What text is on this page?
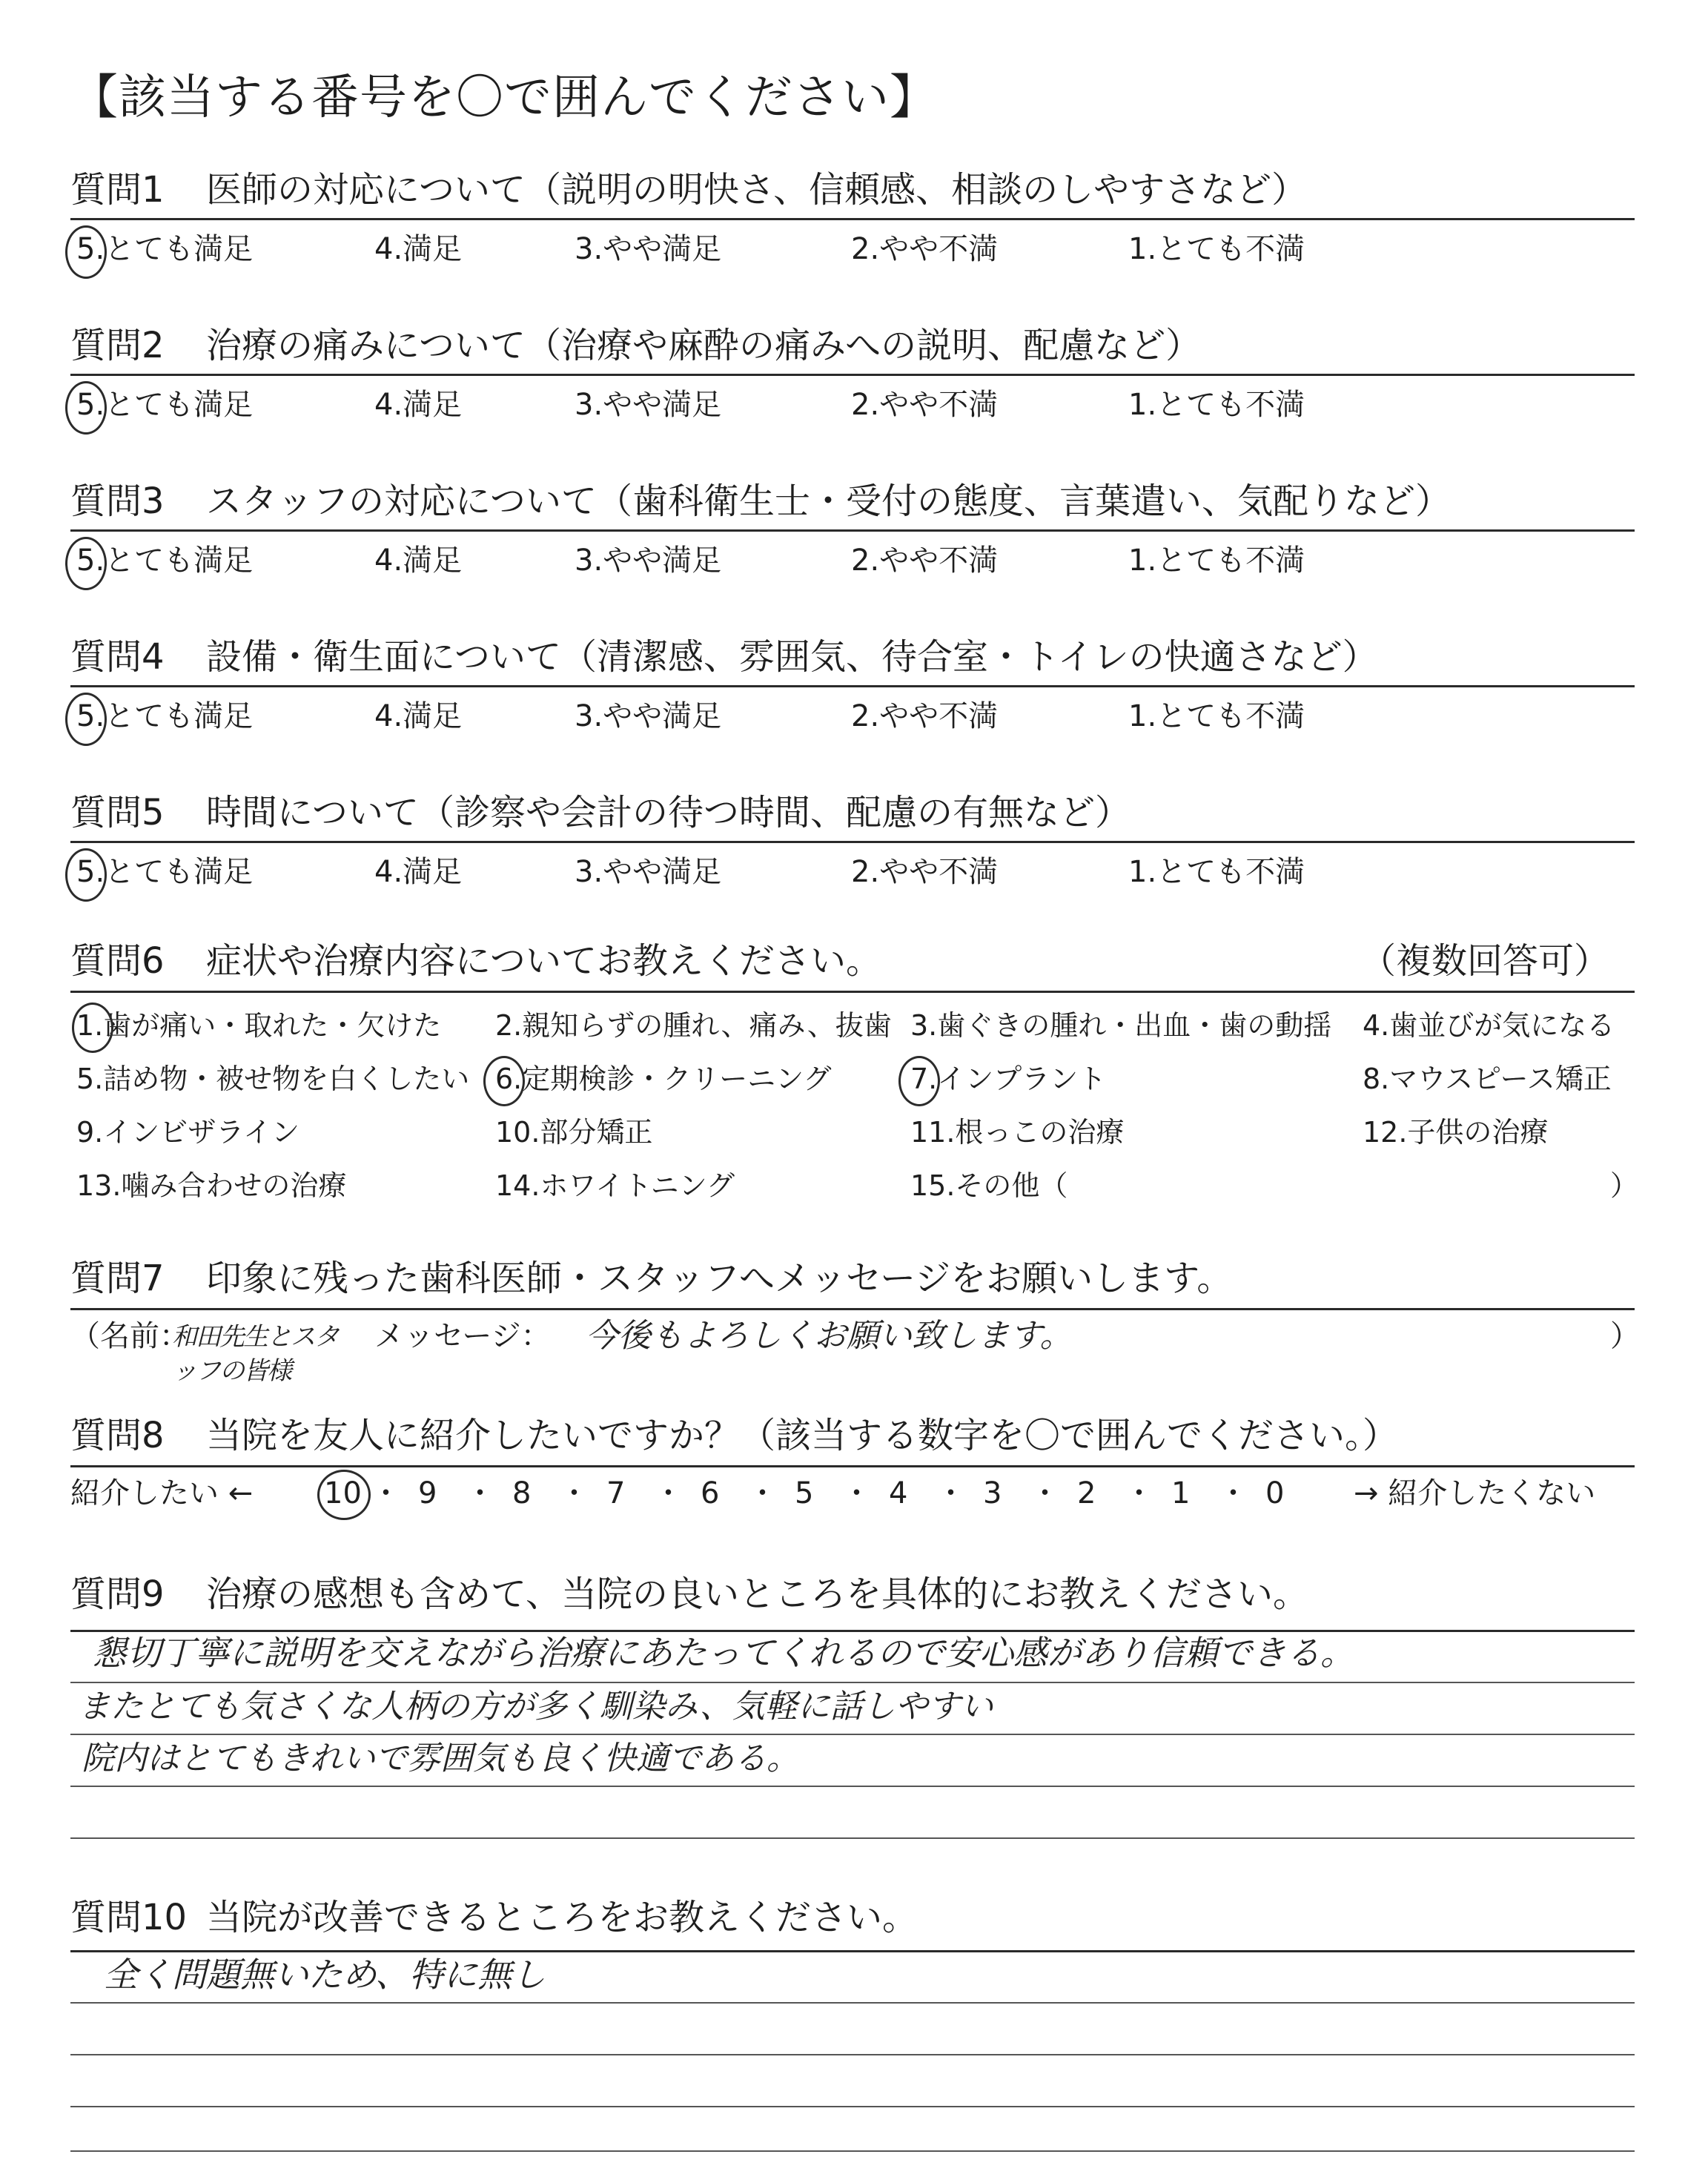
【該当する番号を〇で囲んでください】
質問1 医師の対応について（説明の明快さ、信頼感、相談のしやすさなど）
5.とても満足	4.満足	3.やや満足	2.やや不満	1.とても不満
質問2 治療の痛みについて（治療や麻酔の痛みへの説明、配慮など）
5.とても満足	4.満足	3.やや満足	2.やや不満	1.とても不満
質問3 スタッフの対応について（歯科衛生士・受付の態度、言葉遣い、気配りなど）
5.とても満足	4.満足	3.やや満足	2.やや不満	1.とても不満
質問4 設備・衛生面について（清潔感、雰囲気、待合室・トイレの快適さなど）
5.とても満足	4.満足	3.やや満足	2.やや不満	1.とても不満
質問5 時間について（診察や会計の待つ時間、配慮の有無など）
5.とても満足	4.満足	3.やや満足	2.やや不満	1.とても不満
質問6 症状や治療内容についてお教えください。	（複数回答可）
1.歯が痛い・取れた・欠けた 2.親知らずの腫れ、痛み、抜歯 3.歯ぐきの腫れ・出血・歯の動揺 4.歯並びが気になる
5.詰め物・被せ物を白くしたい 6.定期検診・クリーニング	7.インプラント	8.マウスピース矯正
9.インビザライン	10.部分矯正	11.根っこの治療	12.子供の治療
13.噛み合わせの治療	14.ホワイトニング	15.その他（	）
質問7 印象に残った歯科医師・スタッフへメッセージをお願いします。
（名前：
和田先生とスタッフの皆様
メッセージ： 今後もよろしくお願い致します。	）
質問8 当院を友人に紹介したいですか？（該当する数字を〇で囲んでください。）
紹介したい ← 10 ・ 9 ・ 8 ・ 7 ・ 6 ・ 5 ・ 4 ・ 3 ・ 2 ・ 1 ・ 0 → 紹介したくない
質問9 治療の感想も含めて、当院の良いところを具体的にお教えください。
懇切丁寧に説明を交えながら治療にあたってくれるので安心感があり信頼できる。
またとても気さくな人柄の方が多く馴染み、気軽に話しやすい
院内はとてもきれいで雰囲気も良く快適である。
質問10 当院が改善できるところをお教えください。
全く問題無いため、特に無し
